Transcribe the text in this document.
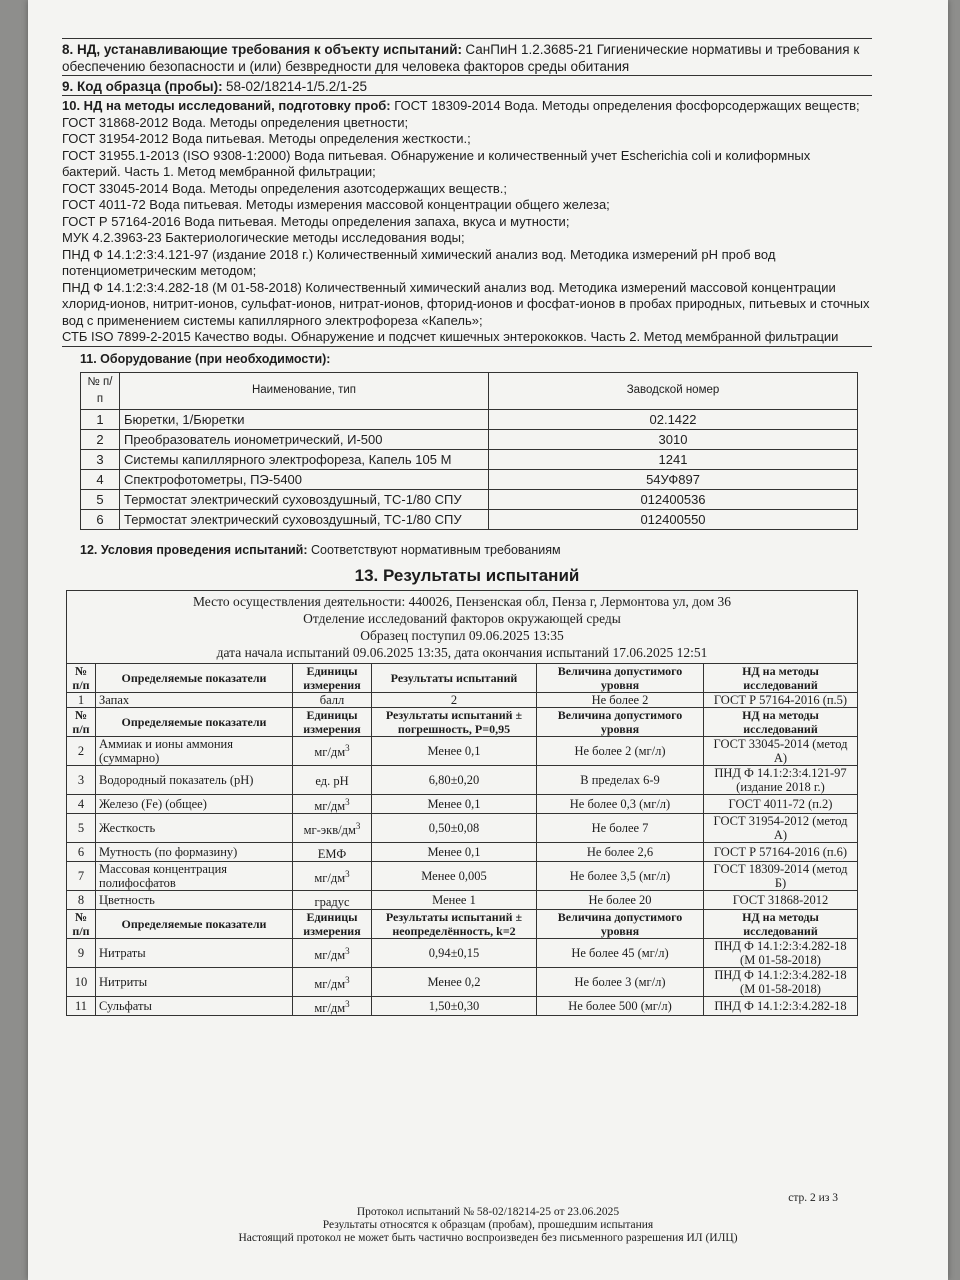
8. НД, устанавливающие требования к объекту испытаний: СанПиН 1.2.3685-21 Гигиенические нормативы и требования к обеспечению безопасности и (или) безвредности для человека факторов среды обитания
9. Код образца (пробы): 58-02/18214-1/5.2/1-25
10. НД на методы исследований, подготовку проб: ГОСТ 18309-2014 Вода. Методы определения фосфорсодержащих веществ;
ГОСТ 31868-2012 Вода. Методы определения цветности;
ГОСТ 31954-2012 Вода питьевая. Методы определения жесткости.;
ГОСТ 31955.1-2013 (ISO 9308-1:2000) Вода питьевая. Обнаружение и количественный учет Escherichia coli и колиформных бактерий. Часть 1. Метод мембранной фильтрации;
ГОСТ 33045-2014 Вода. Методы определения азотсодержащих веществ.;
ГОСТ 4011-72 Вода питьевая. Методы измерения массовой концентрации общего железа;
ГОСТ Р 57164-2016 Вода питьевая. Методы определения запаха, вкуса и мутности;
МУК 4.2.3963-23 Бактериологические методы исследования воды;
ПНД Ф 14.1:2:3:4.121-97 (издание 2018 г.) Количественный химический анализ вод. Методика измерений pH проб вод потенциометрическим методом;
ПНД Ф 14.1:2:3:4.282-18 (М 01-58-2018) Количественный химический анализ вод. Методика измерений массовой концентрации хлорид-ионов, нитрит-ионов, сульфат-ионов, нитрат-ионов, фторид-ионов и фосфат-ионов в пробах природных, питьевых и сточных вод с применением системы капиллярного электрофореза «Капель»;
СТБ ISO 7899-2-2015 Качество воды. Обнаружение и подсчет кишечных энтерококков. Часть 2. Метод мембранной фильтрации
11. Оборудование (при необходимости):
№ п/п	Наименование, тип	Заводской номер
1	Бюретки, 1/Бюретки	02.1422
2	Преобразователь ионометрический, И-500	3010
3	Системы капиллярного электрофореза, Капель 105 М	1241
4	Спектрофотометры, ПЭ-5400	54УФ897
5	Термостат электрический суховоздушный, ТС-1/80 СПУ	012400536
6	Термостат электрический суховоздушный, ТС-1/80 СПУ	012400550
12. Условия проведения испытаний: Соответствуют нормативным требованиям
13. Результаты испытаний
Место осуществления деятельности: 440026, Пензенская обл, Пенза г, Лермонтова ул, дом 36
Отделение исследований факторов окружающей среды
Образец поступил 09.06.2025 13:35
дата начала испытаний 09.06.2025 13:35, дата окончания испытаний 17.06.2025 12:51					

№ п/п	Определяемые показатели	Единицы измерения	Результаты испытаний	Величина допустимого уровня	НД на методы исследований
1	Запах	балл	2	Не более 2	ГОСТ Р 57164-2016 (п.5)
№ п/п	Определяемые показатели	Единицы измерения	Результаты испытаний ± погрешность, P=0,95	Величина допустимого уровня	НД на методы исследований
2	Аммиак и ионы аммония (суммарно)	$мг/дм^3$	Менее 0,1	Не более 2 (мг/л)	ГОСТ 33045-2014 (метод А)
3	Водородный показатель (pH)	ед. pH	6,80±0,20	В пределах 6-9	ПНД Ф 14.1:2:3:4.121-97 (издание 2018 г.)
4	Железо (Fe) (общее)	$мг/дм^3$	Менее 0,1	Не более 0,3 (мг/л)	ГОСТ 4011-72 (п.2)
5	Жесткость	$мг-экв/дм^3$	0,50±0,08	Не более 7	ГОСТ 31954-2012 (метод А)
6	Мутность (по формазину)	ЕМФ	Менее 0,1	Не более 2,6	ГОСТ Р 57164-2016 (п.6)
7	Массовая концентрация полифосфатов	$мг/дм^3$	Менее 0,005	Не более 3,5 (мг/л)	ГОСТ 18309-2014 (метод Б)
8	Цветность	градус	Менее 1	Не более 20	ГОСТ 31868-2012
№ п/п	Определяемые показатели	Единицы измерения	Результаты испытаний ± неопределённость, k=2	Величина допустимого уровня	НД на методы исследований
9	Нитраты	$мг/дм^3$	0,94±0,15	Не более 45 (мг/л)	ПНД Ф 14.1:2:3:4.282-18 (М 01-58-2018)
10	Нитриты	$мг/дм^3$	Менее 0,2	Не более 3 (мг/л)	ПНД Ф 14.1:2:3:4.282-18 (М 01-58-2018)
11	Сульфаты	$мг/дм^3$	1,50±0,30	Не более 500 (мг/л)	ПНД Ф 14.1:2:3:4.282-18
стр. 2 из 3
Протокол испытаний № 58-02/18214-25 от 23.06.2025
Результаты относятся к образцам (пробам), прошедшим испытания
Настоящий протокол не может быть частично воспроизведен без письменного разрешения ИЛ (ИЛЦ)
